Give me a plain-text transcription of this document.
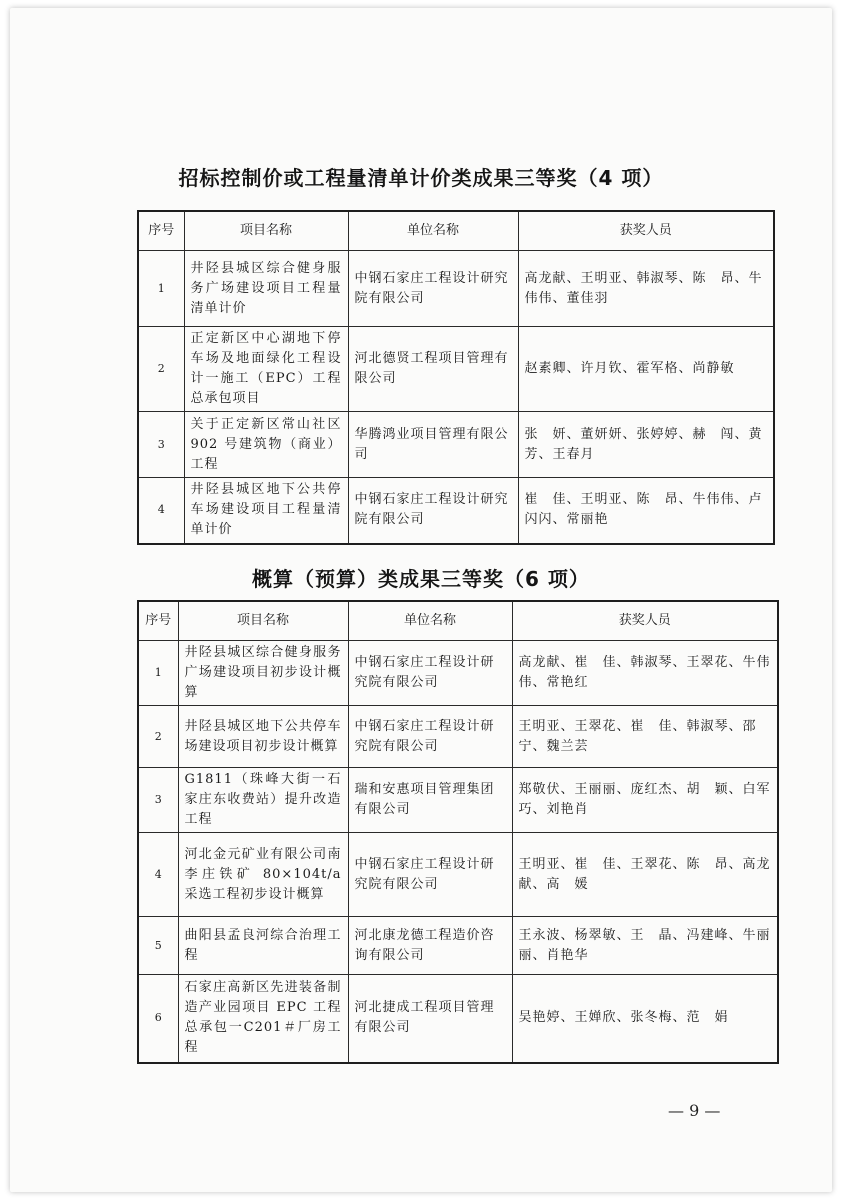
招标控制价或工程量清单计价类成果三等奖（4 项）
序号	项目名称	单位名称	获奖人员
1	井陉县城区综合健身服务广场建设项目工程量清单计价	中钢石家庄工程设计研究院有限公司	高龙献、王明亚、韩淑琴、陈　昂、牛伟伟、董佳羽
2	正定新区中心湖地下停车场及地面绿化工程设计一施工（EPC）工程总承包项目	河北德贤工程项目管理有限公司	赵素卿、许月钦、霍军格、尚静敏
3	关于正定新区常山社区 902 号建筑物（商业）工程	华腾鸿业项目管理有限公司	张　妍、董妍妍、张婷婷、赫　闯、黄　芳、王春月
4	井陉县城区地下公共停车场建设项目工程量清单计价	中钢石家庄工程设计研究院有限公司	崔　佳、王明亚、陈　昂、牛伟伟、卢闪闪、常丽艳
概算（预算）类成果三等奖（6 项）
序号	项目名称	单位名称	获奖人员
1	井陉县城区综合健身服务广场建设项目初步设计概算	中钢石家庄工程设计研究院有限公司	高龙献、崔　佳、韩淑琴、王翠花、牛伟伟、常艳红
2	井陉县城区地下公共停车场建设项目初步设计概算	中钢石家庄工程设计研究院有限公司	王明亚、王翠花、崔　佳、韩淑琴、邵　宁、魏兰芸
3	G1811（珠峰大街一石家庄东收费站）提升改造工程	瑞和安惠项目管理集团有限公司	郑敬伏、王丽丽、庞红杰、胡　颖、白军巧、刘艳肖
4	河北金元矿业有限公司南李庄铁矿 80×104t/a 采选工程初步设计概算	中钢石家庄工程设计研究院有限公司	王明亚、崔　佳、王翠花、陈　昂、高龙献、高　媛
5	曲阳县孟良河综合治理工程	河北康龙德工程造价咨询有限公司	王永波、杨翠敏、王　晶、冯建峰、牛丽丽、肖艳华
6	石家庄高新区先进装备制造产业园项目 EPC 工程总承包一C201＃厂房工程	河北捷成工程项目管理有限公司	吴艳婷、王婵欣、张冬梅、范　娟
— 9 —
